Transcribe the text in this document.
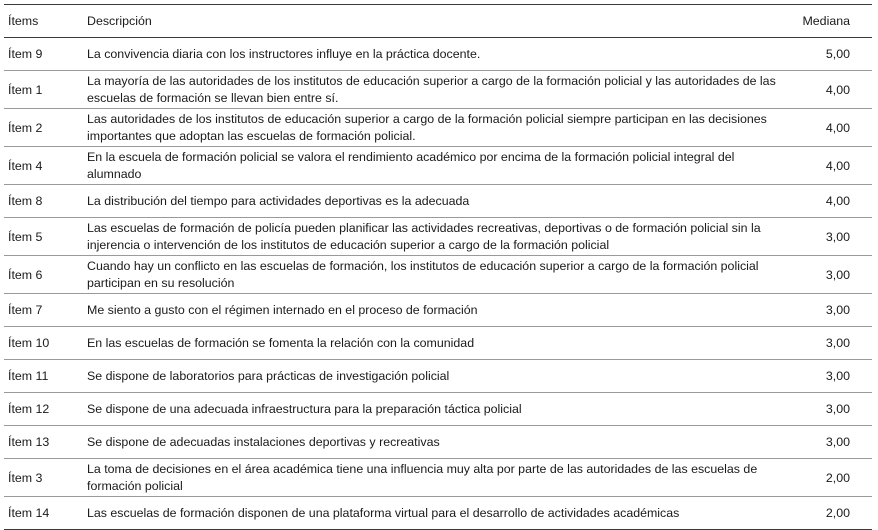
Ítems	Descripción	Mediana
Ítem 9	La convivencia diaria con los instructores influye en la práctica docente.	5,00
Ítem 1	La mayoría de las autoridades de los institutos de educación superior a cargo de la formación policial y las autoridades de las escuelas de formación se llevan bien entre sí.	4,00
Ítem 2	Las autoridades de los institutos de educación superior a cargo de la formación policial siempre participan en las decisiones importantes que adoptan las escuelas de formación policial.	4,00
Ítem 4	En la escuela de formación policial se valora el rendimiento académico por encima de la formación policial integral del alumnado	4,00
Ítem 8	La distribución del tiempo para actividades deportivas es la adecuada	4,00
Ítem 5	Las escuelas de formación de policía pueden planificar las actividades recreativas, deportivas o de formación policial sin la injerencia o intervención de los institutos de educación superior a cargo de la formación policial	3,00
Ítem 6	Cuando hay un conflicto en las escuelas de formación, los institutos de educación superior a cargo de la formación policial participan en su resolución	3,00
Ítem 7	Me siento a gusto con el régimen internado en el proceso de formación	3,00
Ítem 10	En las escuelas de formación se fomenta la relación con la comunidad	3,00
Ítem 11	Se dispone de laboratorios para prácticas de investigación policial	3,00
Ítem 12	Se dispone de una adecuada infraestructura para la preparación táctica policial	3,00
Ítem 13	Se dispone de adecuadas instalaciones deportivas y recreativas	3,00
Ítem 3	La toma de decisiones en el área académica tiene una influencia muy alta por parte de las autoridades de las escuelas de formación policial	2,00
Ítem 14	Las escuelas de formación disponen de una plataforma virtual para el desarrollo de actividades académicas	2,00
